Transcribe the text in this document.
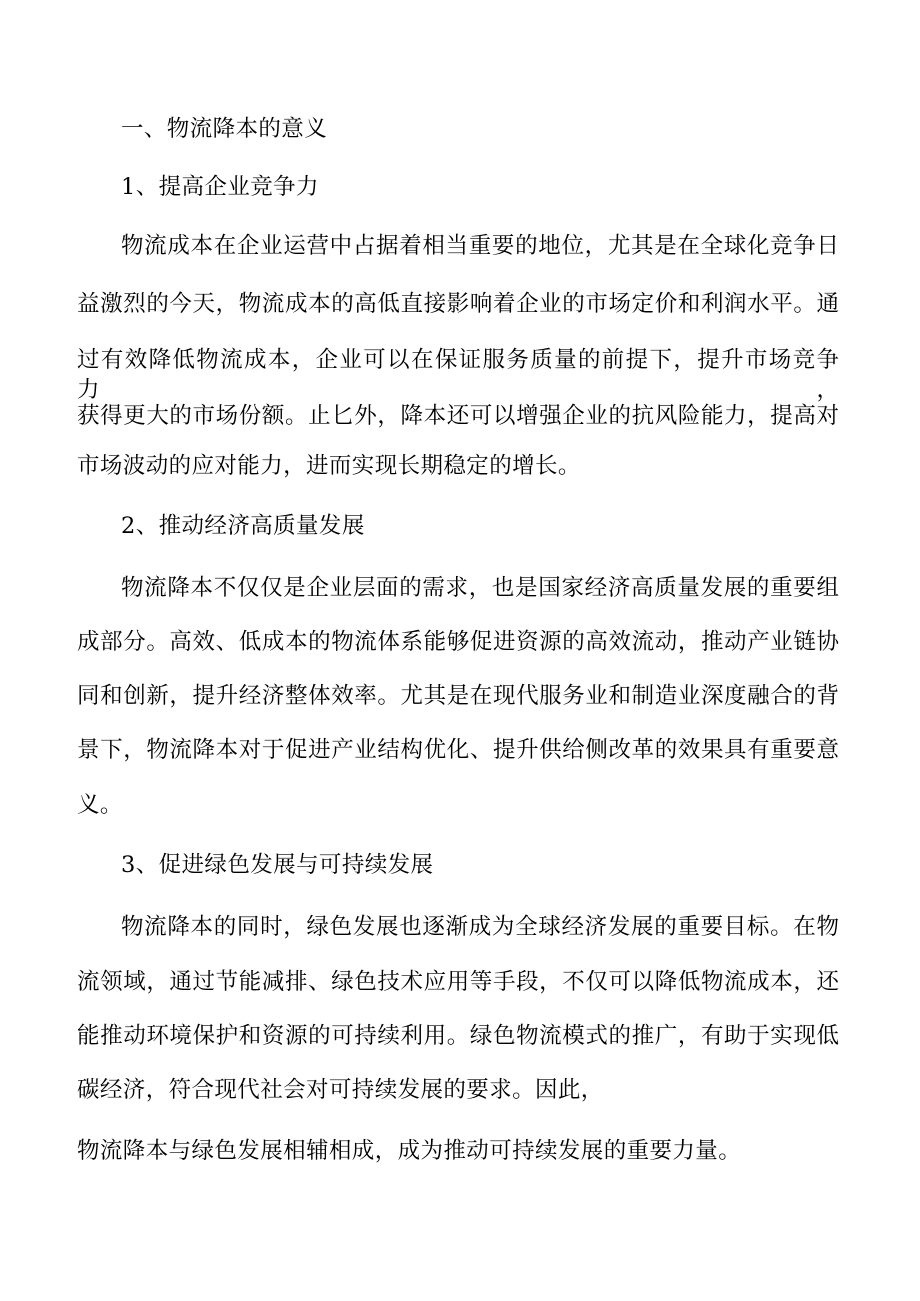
一、物流降本的意义
1、提高企业竞争力
物流成本在企业运营中占据着相当重要的地位，尤其是在全球化竞争日
益激烈的今天，物流成本的高低直接影响着企业的市场定价和利润水平。通
过有效降低物流成本，企业可以在保证服务质量的前提下，提升市场竞争力，
获得更大的市场份额。止匕外，降本还可以增强企业的抗风险能力，提高对
市场波动的应对能力，进而实现长期稳定的增长。
2、推动经济高质量发展
物流降本不仅仅是企业层面的需求，也是国家经济高质量发展的重要组
成部分。高效、低成本的物流体系能够促进资源的高效流动，推动产业链协
同和创新，提升经济整体效率。尤其是在现代服务业和制造业深度融合的背
景下，物流降本对于促进产业结构优化、提升供给侧改革的效果具有重要意
义。
3、促进绿色发展与可持续发展
物流降本的同时，绿色发展也逐渐成为全球经济发展的重要目标。在物
流领域，通过节能减排、绿色技术应用等手段，不仅可以降低物流成本，还
能推动环境保护和资源的可持续利用。绿色物流模式的推广，有助于实现低
碳经济，符合现代社会对可持续发展的要求。因此，
物流降本与绿色发展相辅相成，成为推动可持续发展的重要力量。
